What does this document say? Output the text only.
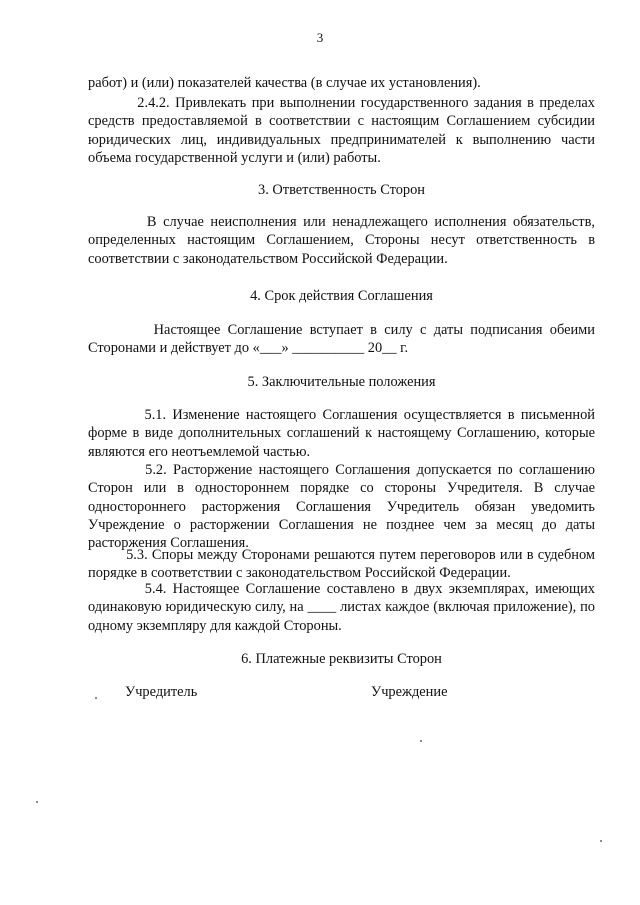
3

работ) и (или) показателей качества (в случае их установления).

2.4.2. Привлекать при выполнении государственного задания в пределах средств предоставляемой в соответствии с настоящим Соглашением субсидии юридических лиц, индивидуальных предпринимателей к выполнению части объема государственной услуги и (или) работы.

3. Ответственность Сторон

В случае неисполнения или ненадлежащего исполнения обязательств, определенных настоящим Соглашением, Стороны несут ответственность в соответствии с законодательством Российской Федерации.

4. Срок действия Соглашения

Настоящее Соглашение вступает в силу с даты подписания обеими Сторонами и действует до «___» __________ 20__ г.

5. Заключительные положения

5.1. Изменение настоящего Соглашения осуществляется в письменной форме в виде дополнительных соглашений к настоящему Соглашению, которые являются его неотъемлемой частью.

5.2. Расторжение настоящего Соглашения допускается по соглашению Сторон или в одностороннем порядке со стороны Учредителя. В случае одностороннего расторжения Соглашения Учредитель обязан уведомить Учреждение о расторжении Соглашения не позднее чем за месяц до даты расторжения Соглашения.

5.3. Споры между Сторонами решаются путем переговоров или в судебном порядке в соответствии с законодательством Российской Федерации.

5.4. Настоящее Соглашение составлено в двух экземплярах, имеющих одинаковую юридическую силу, на ____ листах каждое (включая приложение), по одному экземпляру для каждой Стороны.

6. Платежные реквизиты Сторон

Учредитель	Учреждение
